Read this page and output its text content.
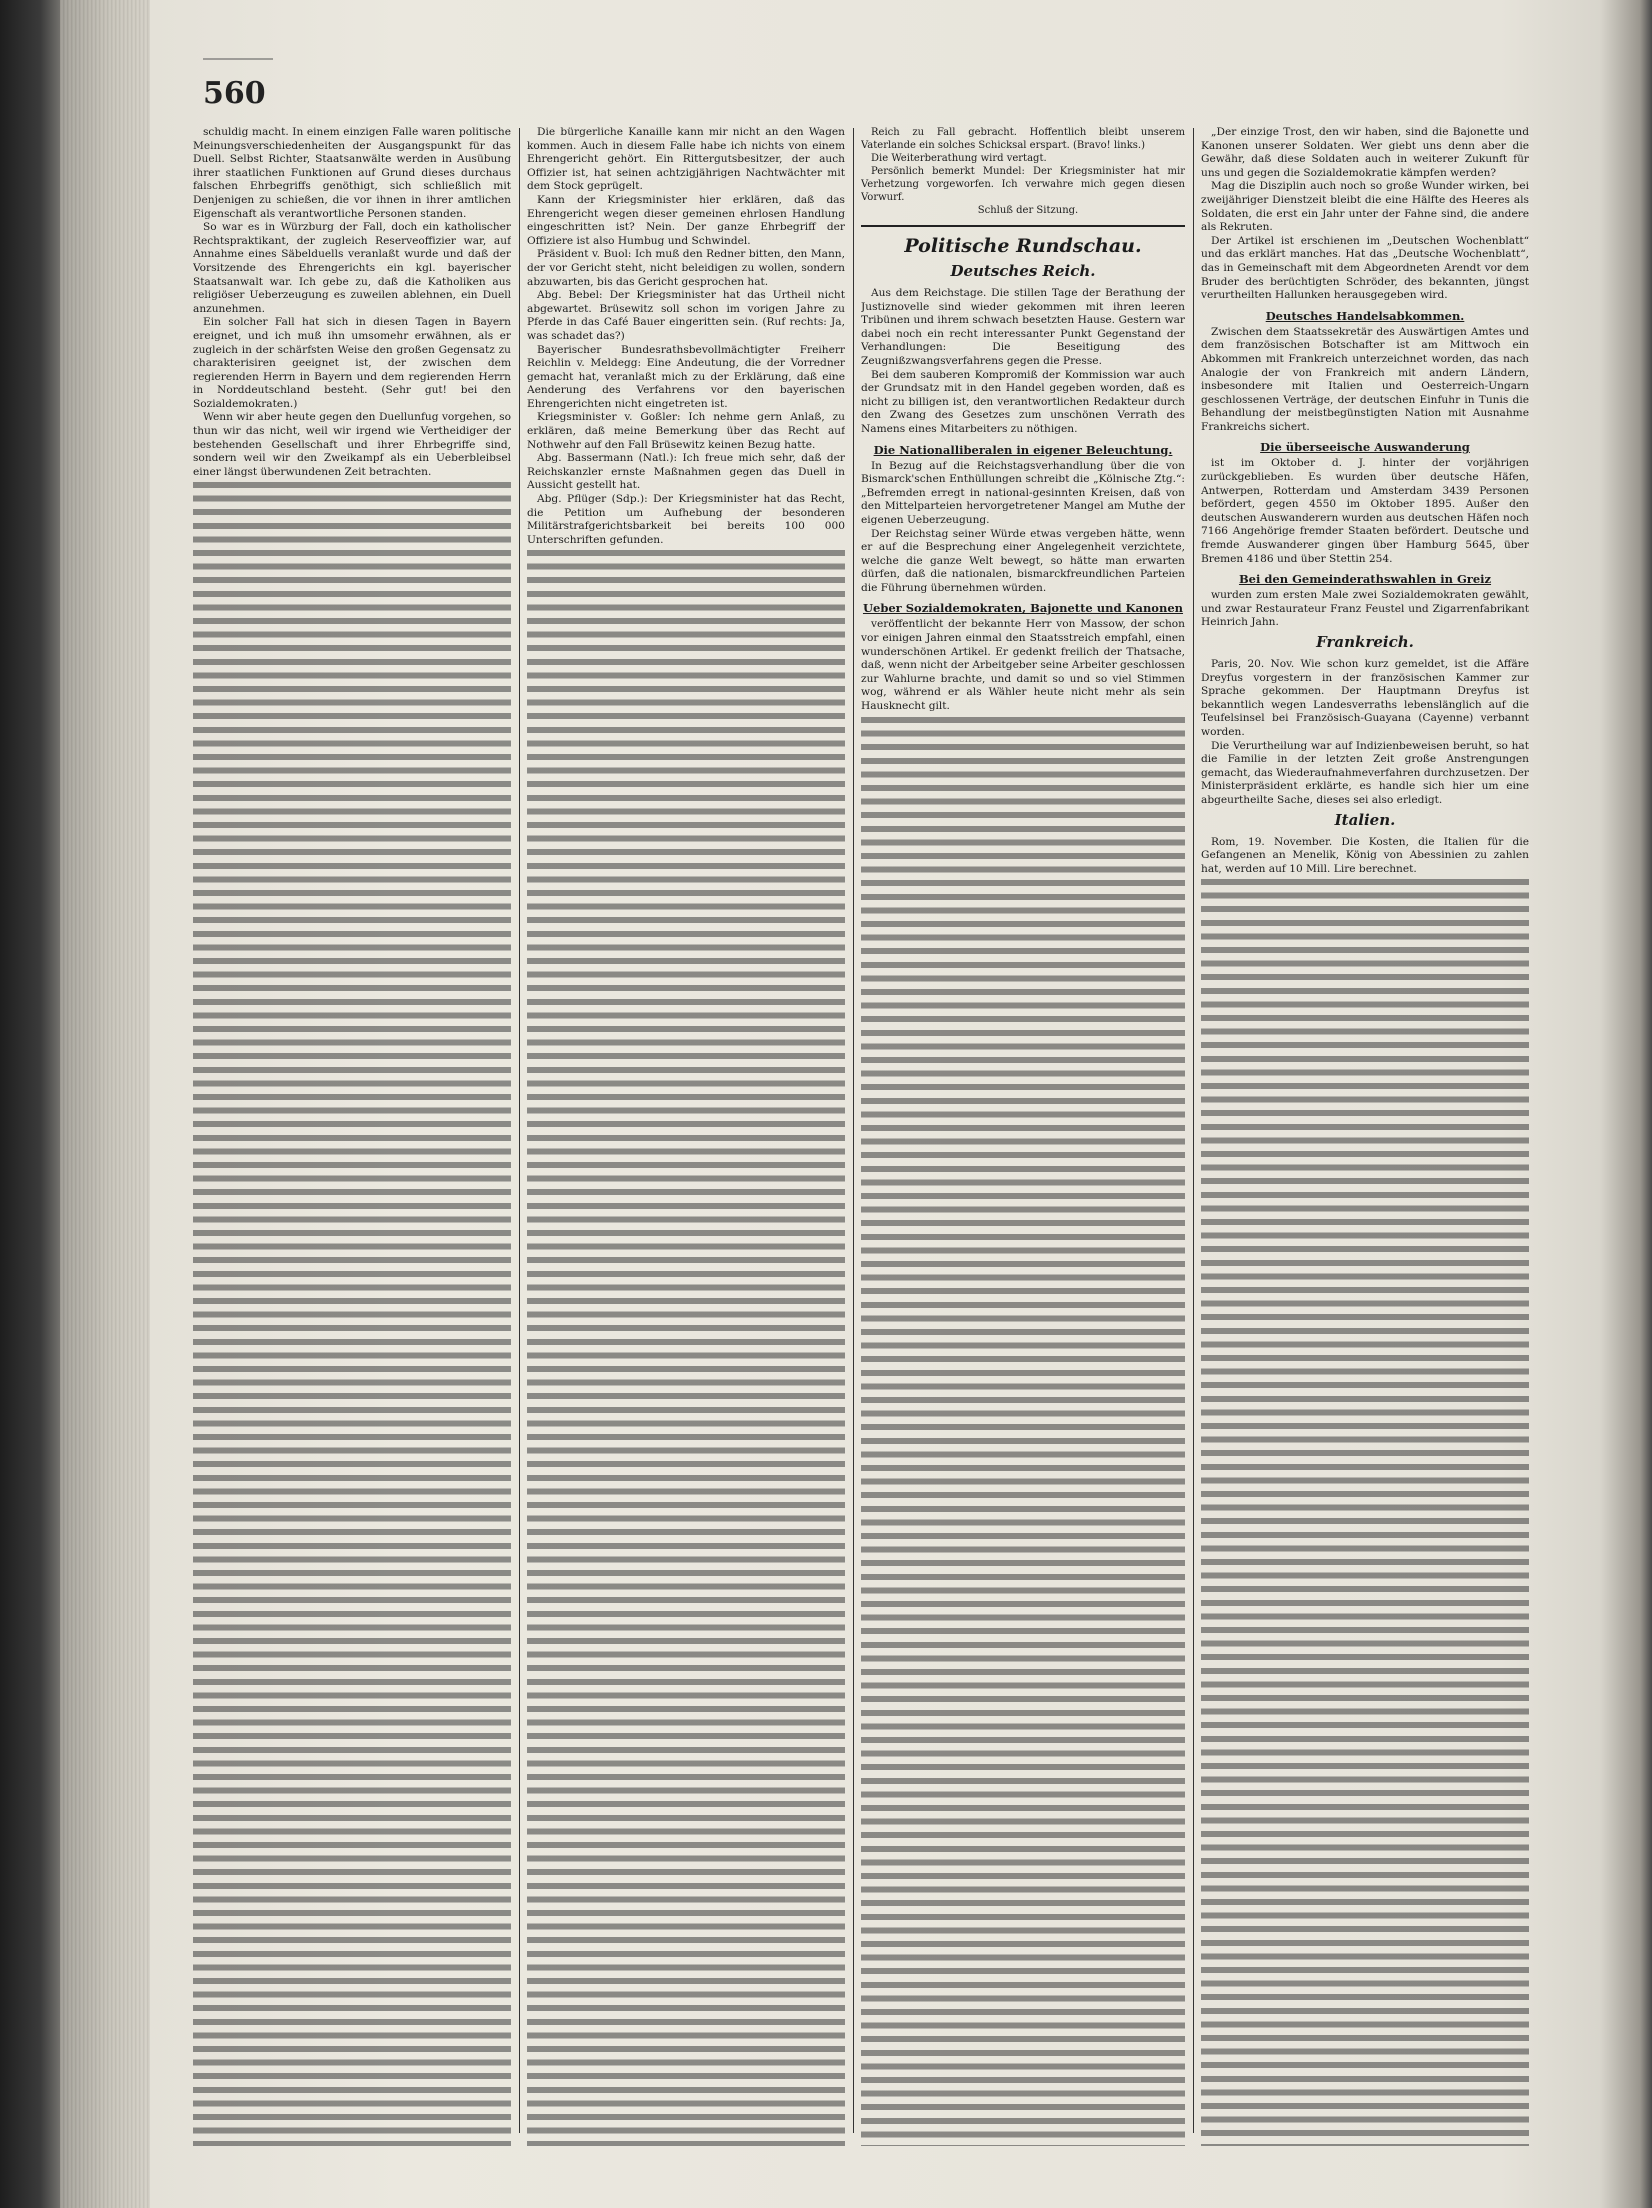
560

schuldig macht. In einem einzigen Falle waren politische Meinungsverschiedenheiten der Ausgangspunkt für das Duell. Selbst Richter, Staatsanwälte werden in Ausübung ihrer staatlichen Funktionen auf Grund dieses durchaus falschen Ehrbegriffs genöthigt, sich schließlich mit Denjenigen zu schießen, die vor ihnen in ihrer amtlichen Eigenschaft als verantwortliche Personen standen.

So war es in Würzburg der Fall, doch ein katholischer Rechtspraktikant, der zugleich Reserveoffizier war, auf Annahme eines Säbelduells veranlaßt wurde und daß der Vorsitzende des Ehrengerichts ein kgl. bayerischer Staatsanwalt war. Ich gebe zu, daß die Katholiken aus religiöser Ueberzeugung es zuweilen ablehnen, ein Duell anzunehmen.

Ein solcher Fall hat sich in diesen Tagen in Bayern ereignet, und ich muß ihn umsomehr erwähnen, als er zugleich in der schärfsten Weise den großen Gegensatz zu charakterisiren geeignet ist, der zwischen dem regierenden Herrn in Bayern und dem regierenden Herrn in Norddeutschland besteht. (Sehr gut! bei den Sozialdemokraten.)

Wenn wir aber heute gegen den Duellunfug vorgehen, so thun wir das nicht, weil wir irgend wie Vertheidiger der bestehenden Gesellschaft und ihrer Ehrbegriffe sind, sondern weil wir den Zweikampf als ein Ueberbleibsel einer längst überwundenen Zeit betrachten.

Die bürgerliche Kanaille kann mir nicht an den Wagen kommen. Auch in diesem Falle habe ich nichts von einem Ehrengericht gehört. Ein Rittergutsbesitzer, der auch Offizier ist, hat seinen achtzigjährigen Nachtwächter mit dem Stock geprügelt.

Kann der Kriegsminister hier erklären, daß das Ehrengericht wegen dieser gemeinen ehrlosen Handlung eingeschritten ist? Nein. Der ganze Ehrbegriff der Offiziere ist also Humbug und Schwindel.

Präsident v. Buol: Ich muß den Redner bitten, den Mann, der vor Gericht steht, nicht beleidigen zu wollen, sondern abzuwarten, bis das Gericht gesprochen hat.

Abg. Bebel: Der Kriegsminister hat das Urtheil nicht abgewartet. Brüsewitz soll schon im vorigen Jahre zu Pferde in das Café Bauer eingeritten sein. (Ruf rechts: Ja, was schadet das?)

Bayerischer Bundesrathsbevollmächtigter Freiherr Reichlin v. Meldegg: Eine Andeutung, die der Vorredner gemacht hat, veranlaßt mich zu der Erklärung, daß eine Aenderung des Verfahrens vor den bayerischen Ehrengerichten nicht eingetreten ist.

Kriegsminister v. Goßler: Ich nehme gern Anlaß, zu erklären, daß meine Bemerkung über das Recht auf Nothwehr auf den Fall Brüsewitz keinen Bezug hatte.

Abg. Bassermann (Natl.): Ich freue mich sehr, daß der Reichskanzler ernste Maßnahmen gegen das Duell in Aussicht gestellt hat.

Abg. Pflüger (Sdp.): Der Kriegsminister hat das Recht, die Petition um Aufhebung der besonderen Militärstrafgerichtsbarkeit bei bereits 100 000 Unterschriften gefunden.

Reich zu Fall gebracht. Hoffentlich bleibt unserem Vaterlande ein solches Schicksal erspart. (Bravo! links.)

Die Weiterberathung wird vertagt.

Persönlich bemerkt Mundel: Der Kriegsminister hat mir Verhetzung vorgeworfen. Ich verwahre mich gegen diesen Vorwurf.

Schluß der Sitzung.

Politische Rundschau.
Deutsches Reich.

Aus dem Reichstage. Die stillen Tage der Berathung der Justiznovelle sind wieder gekommen mit ihren leeren Tribünen und ihrem schwach besetzten Hause. Gestern war dabei noch ein recht interessanter Punkt Gegenstand der Verhandlungen: Die Beseitigung des Zeugnißzwangsverfahrens gegen die Presse.

Bei dem sauberen Kompromiß der Kommission war auch der Grundsatz mit in den Handel gegeben worden, daß es nicht zu billigen ist, den verantwortlichen Redakteur durch den Zwang des Gesetzes zum unschönen Verrath des Namens eines Mitarbeiters zu nöthigen.

Die Nationalliberalen in eigener Beleuchtung.

In Bezug auf die Reichstagsverhandlung über die von Bismarck'schen Enthüllungen schreibt die „Kölnische Ztg.“: „Befremden erregt in national-gesinnten Kreisen, daß von den Mittelparteien hervorgetretener Mangel am Muthe der eigenen Ueberzeugung.

Der Reichstag seiner Würde etwas vergeben hätte, wenn er auf die Besprechung einer Angelegenheit verzichtete, welche die ganze Welt bewegt, so hätte man erwarten dürfen, daß die nationalen, bismarckfreundlichen Parteien die Führung übernehmen würden.

Ueber Sozialdemokraten, Bajonette und Kanonen

veröffentlicht der bekannte Herr von Massow, der schon vor einigen Jahren einmal den Staatsstreich empfahl, einen wunderschönen Artikel. Er gedenkt freilich der Thatsache, daß, wenn nicht der Arbeitgeber seine Arbeiter geschlossen zur Wahlurne brachte, und damit so und so viel Stimmen wog, während er als Wähler heute nicht mehr als sein Hausknecht gilt.

„Der einzige Trost, den wir haben, sind die Bajonette und Kanonen unserer Soldaten. Wer giebt uns denn aber die Gewähr, daß diese Soldaten auch in weiterer Zukunft für uns und gegen die Sozialdemokratie kämpfen werden?

Mag die Disziplin auch noch so große Wunder wirken, bei zweijähriger Dienstzeit bleibt die eine Hälfte des Heeres als Soldaten, die erst ein Jahr unter der Fahne sind, die andere als Rekruten.

Der Artikel ist erschienen im „Deutschen Wochenblatt“ und das erklärt manches. Hat das „Deutsche Wochenblatt“, das in Gemeinschaft mit dem Abgeordneten Arendt vor dem Bruder des berüchtigten Schröder, des bekannten, jüngst verurtheilten Hallunken herausgegeben wird.

Deutsches Handelsabkommen.

Zwischen dem Staatssekretär des Auswärtigen Amtes und dem französischen Botschafter ist am Mittwoch ein Abkommen mit Frankreich unterzeichnet worden, das nach Analogie der von Frankreich mit andern Ländern, insbesondere mit Italien und Oesterreich-Ungarn geschlossenen Verträge, der deutschen Einfuhr in Tunis die Behandlung der meistbegünstigten Nation mit Ausnahme Frankreichs sichert.

Die überseeische Auswanderung

ist im Oktober d. J. hinter der vorjährigen zurückgeblieben. Es wurden über deutsche Häfen, Antwerpen, Rotterdam und Amsterdam 3439 Personen befördert, gegen 4550 im Oktober 1895. Außer den deutschen Auswanderern wurden aus deutschen Häfen noch 7166 Angehörige fremder Staaten befördert. Deutsche und fremde Auswanderer gingen über Hamburg 5645, über Bremen 4186 und über Stettin 254.

Bei den Gemeinderathswahlen in Greiz

wurden zum ersten Male zwei Sozialdemokraten gewählt, und zwar Restaurateur Franz Feustel und Zigarrenfabrikant Heinrich Jahn.

Frankreich.

Paris, 20. Nov. Wie schon kurz gemeldet, ist die Affäre Dreyfus vorgestern in der französischen Kammer zur Sprache gekommen. Der Hauptmann Dreyfus ist bekanntlich wegen Landesverraths lebenslänglich auf die Teufelsinsel bei Französisch-Guayana (Cayenne) verbannt worden.

Die Verurtheilung war auf Indizienbeweisen beruht, so hat die Familie in der letzten Zeit große Anstrengungen gemacht, das Wiederaufnahmeverfahren durchzusetzen. Der Ministerpräsident erklärte, es handle sich hier um eine abgeurtheilte Sache, dieses sei also erledigt.

Italien.

Rom, 19. November. Die Kosten, die Italien für die Gefangenen an Menelik, König von Abessinien zu zahlen hat, werden auf 10 Mill. Lire berechnet.
